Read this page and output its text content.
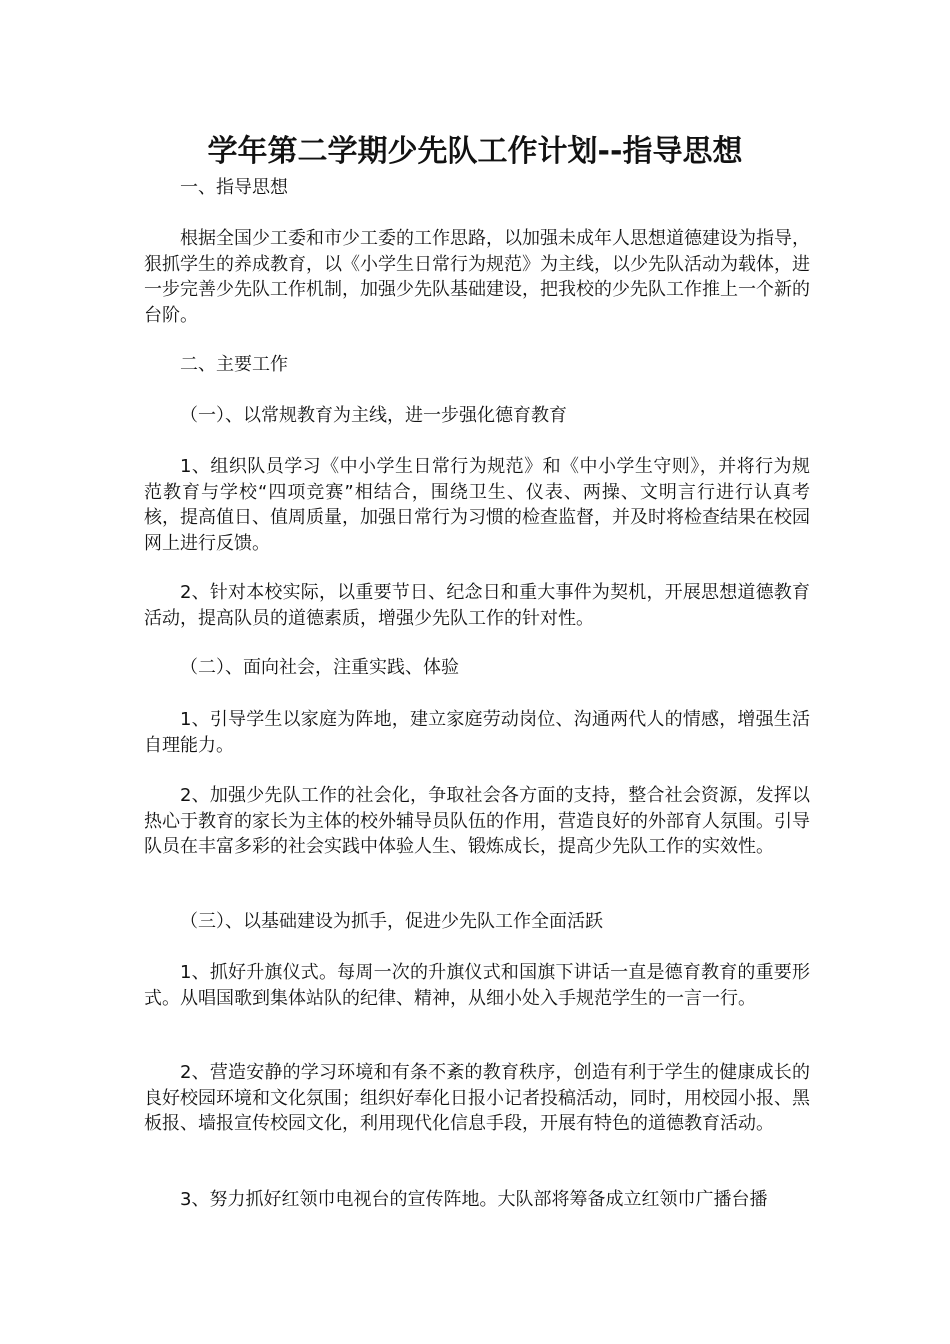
学年第二学期少先队工作计划--指导思想

一、指导思想

根据全国少工委和市少工委的工作思路，以加强未成年人思想道德建设为指导，狠抓学生的养成教育，以《小学生日常行为规范》为主线，以少先队活动为载体，进一步完善少先队工作机制，加强少先队基础建设，把我校的少先队工作推上一个新的台阶。

二、主要工作

（一）、以常规教育为主线，进一步强化德育教育

1、组织队员学习《中小学生日常行为规范》和《中小学生守则》，并将行为规范教育与学校“四项竞赛”相结合，围绕卫生、仪表、两操、文明言行进行认真考核，提高值日、值周质量，加强日常行为习惯的检查监督，并及时将检查结果在校园网上进行反馈。

2、针对本校实际，以重要节日、纪念日和重大事件为契机，开展思想道德教育活动，提高队员的道德素质，增强少先队工作的针对性。

（二）、面向社会，注重实践、体验

1、引导学生以家庭为阵地，建立家庭劳动岗位、沟通两代人的情感，增强生活自理能力。

2、加强少先队工作的社会化，争取社会各方面的支持，整合社会资源，发挥以热心于教育的家长为主体的校外辅导员队伍的作用，营造良好的外部育人氛围。引导队员在丰富多彩的社会实践中体验人生、锻炼成长，提高少先队工作的实效性。

（三）、以基础建设为抓手，促进少先队工作全面活跃

1、抓好升旗仪式。每周一次的升旗仪式和国旗下讲话一直是德育教育的重要形式。从唱国歌到集体站队的纪律、精神，从细小处入手规范学生的一言一行。

2、营造安静的学习环境和有条不紊的教育秩序，创造有利于学生的健康成长的良好校园环境和文化氛围；组织好奉化日报小记者投稿活动，同时，用校园小报、黑板报、墙报宣传校园文化，利用现代化信息手段，开展有特色的道德教育活动。

3、努力抓好红领巾电视台的宣传阵地。大队部将筹备成立红领巾广播台播
